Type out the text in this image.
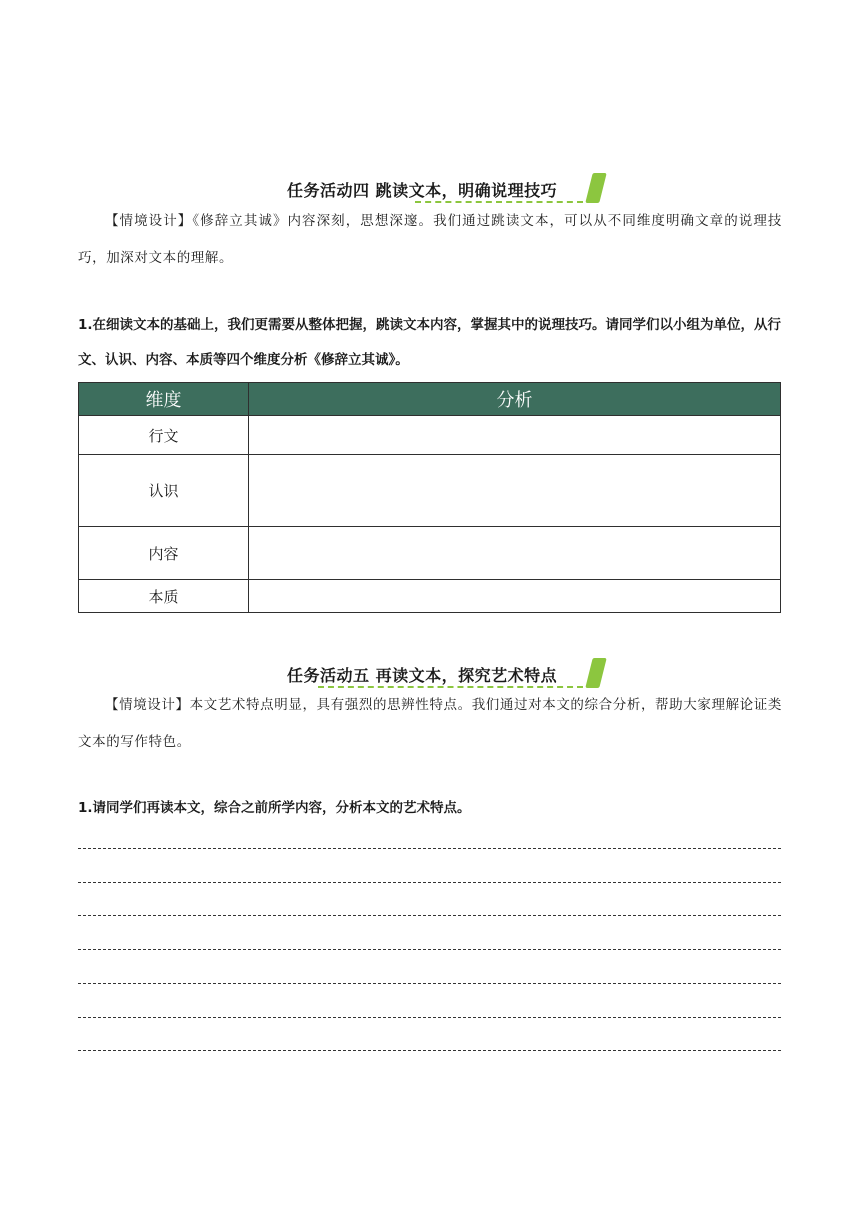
任务活动四 跳读文本，明确说理技巧
【情境设计】《修辞立其诚》内容深刻，思想深邃。我们通过跳读文本，可以从不同维度明确文章的说理技巧，加深对文本的理解。
1.在细读文本的基础上，我们更需要从整体把握，跳读文本内容，掌握其中的说理技巧。请同学们以小组为单位，从行文、认识、内容、本质等四个维度分析《修辞立其诚》。
维度	分析
行文	
认识	
内容	
本质	
任务活动五 再读文本，探究艺术特点
【情境设计】本文艺术特点明显，具有强烈的思辨性特点。我们通过对本文的综合分析，帮助大家理解论证类文本的写作特色。
1.请同学们再读本文，综合之前所学内容，分析本文的艺术特点。
